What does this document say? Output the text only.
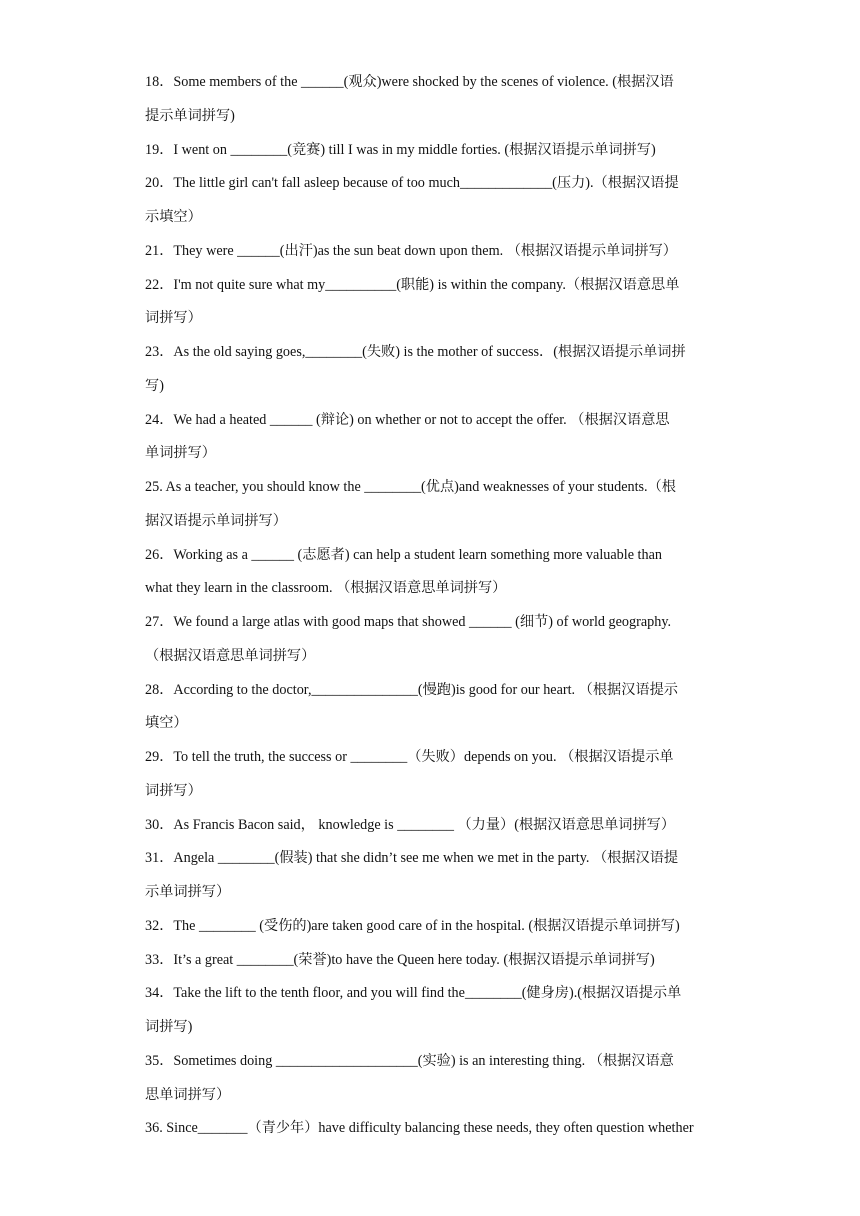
18．Some members of the ______(观众)were shocked by the scenes of violence. (根据汉语
提示单词拼写)
19．I went on ________(竞赛) till I was in my middle forties. (根据汉语提示单词拼写)
20．The little girl can't fall asleep because of too much_____________(压力).（根据汉语提
示填空）
21．They were ______(出汗)as the sun beat down upon them. （根据汉语提示单词拼写）
22．I'm not quite sure what my__________(职能) is within the company.（根据汉语意思单
词拼写）
23．As the old saying goes,________(失败) is the mother of success．(根据汉语提示单词拼
写)
24．We had a heated ______ (辩论) on whether or not to accept the offer. （根据汉语意思
单词拼写）
25. As a teacher, you should know the ________(优点)and weaknesses of your students.（根
据汉语提示单词拼写）
26．Working as a ______ (志愿者) can help a student learn something more valuable than
what they learn in the classroom. （根据汉语意思单词拼写）
27．We found a large atlas with good maps that showed ______ (细节) of world geography.
（根据汉语意思单词拼写）
28．According to the doctor,_______________(慢跑)is good for our heart. （根据汉语提示
填空）
29．To tell the truth, the success or ________（失败）depends on you. （根据汉语提示单
词拼写）
30．As Francis Bacon said， knowledge is ________ （力量）(根据汉语意思单词拼写）
31．Angela ________(假装) that she didn’t see me when we met in the party. （根据汉语提
示单词拼写）
32．The ________ (受伤的)are taken good care of in the hospital. (根据汉语提示单词拼写)
33．It’s a great ________(荣誉)to have the Queen here today. (根据汉语提示单词拼写)
34．Take the lift to the tenth floor, and you will find the________(健身房).(根据汉语提示单
词拼写)
35．Sometimes doing ____________________(实验) is an interesting thing. （根据汉语意
思单词拼写）
36. Since_______（青少年）have difficulty balancing these needs, they often question whether
